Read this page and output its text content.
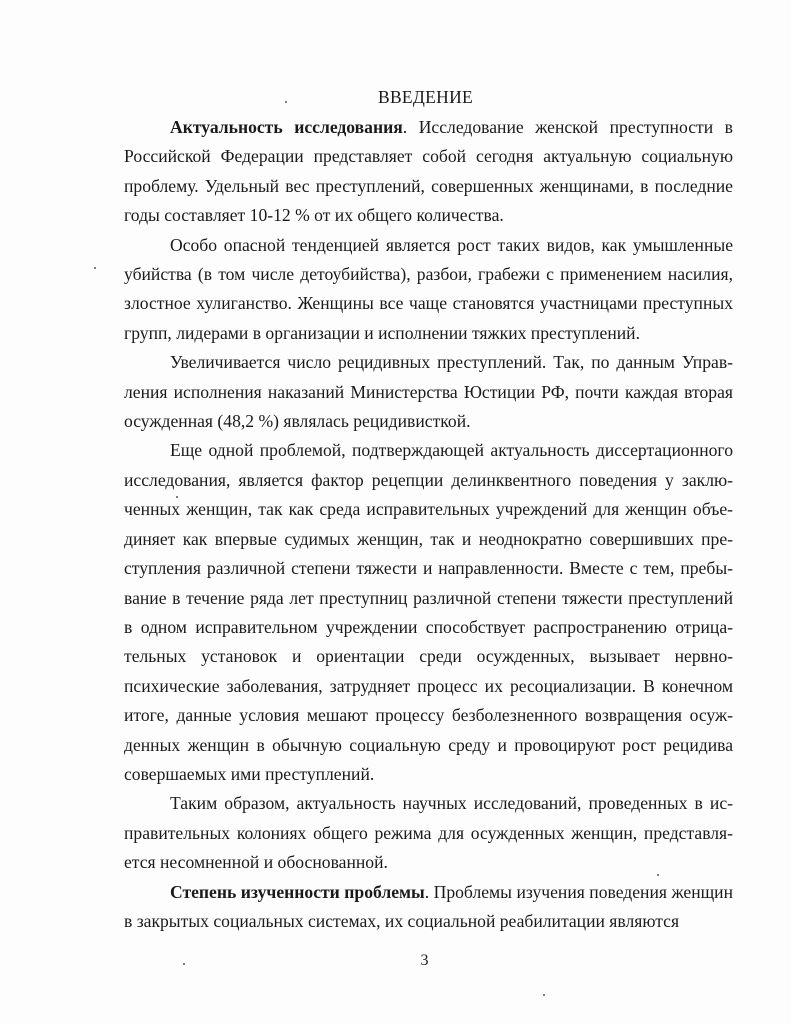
ВВЕДЕНИЕ

Актуальность исследования. Исследование женской преступности в Российской Федерации представляет собой сегодня актуальную социальную проблему. Удельный вес преступлений, совершенных женщинами, в последние годы составляет 10-12 % от их общего количества.

Особо опасной тенденцией является рост таких видов, как умышленные убийства (в том числе детоубийства), разбои, грабежи с применением насилия, злостное хулиганство. Женщины все чаще становятся участницами преступных групп, лидерами в организации и исполнении тяжких преступлений.

Увеличивается число рецидивных преступлений. Так, по данным Управления исполнения наказаний Министерства Юстиции РФ, почти каждая вторая осужденная (48,2 %) являлась рецидивисткой.

Еще одной проблемой, подтверждающей актуальность диссертационного исследования, является фактор рецепции делинквентного поведения у заключенных женщин, так как среда исправительных учреждений для женщин объединяет как впервые судимых женщин, так и неоднократно совершивших преступления различной степени тяжести и направленности. Вместе с тем, пребывание в течение ряда лет преступниц различной степени тяжести преступлений в одном исправительном учреждении способствует распространению отрицательных установок и ориентации среди осужденных, вызывает нервно-психические заболевания, затрудняет процесс их ресоциализации. В конечном итоге, данные условия мешают процессу безболезненного возвращения осужденных женщин в обычную социальную среду и провоцируют рост рецидива совершаемых ими преступлений.

Таким образом, актуальность научных исследований, проведенных в исправительных колониях общего режима для осужденных женщин, представляется несомненной и обоснованной.

Степень изученности проблемы. Проблемы изучения поведения женщин в закрытых социальных системах, их социальной реабилитации являются

3
